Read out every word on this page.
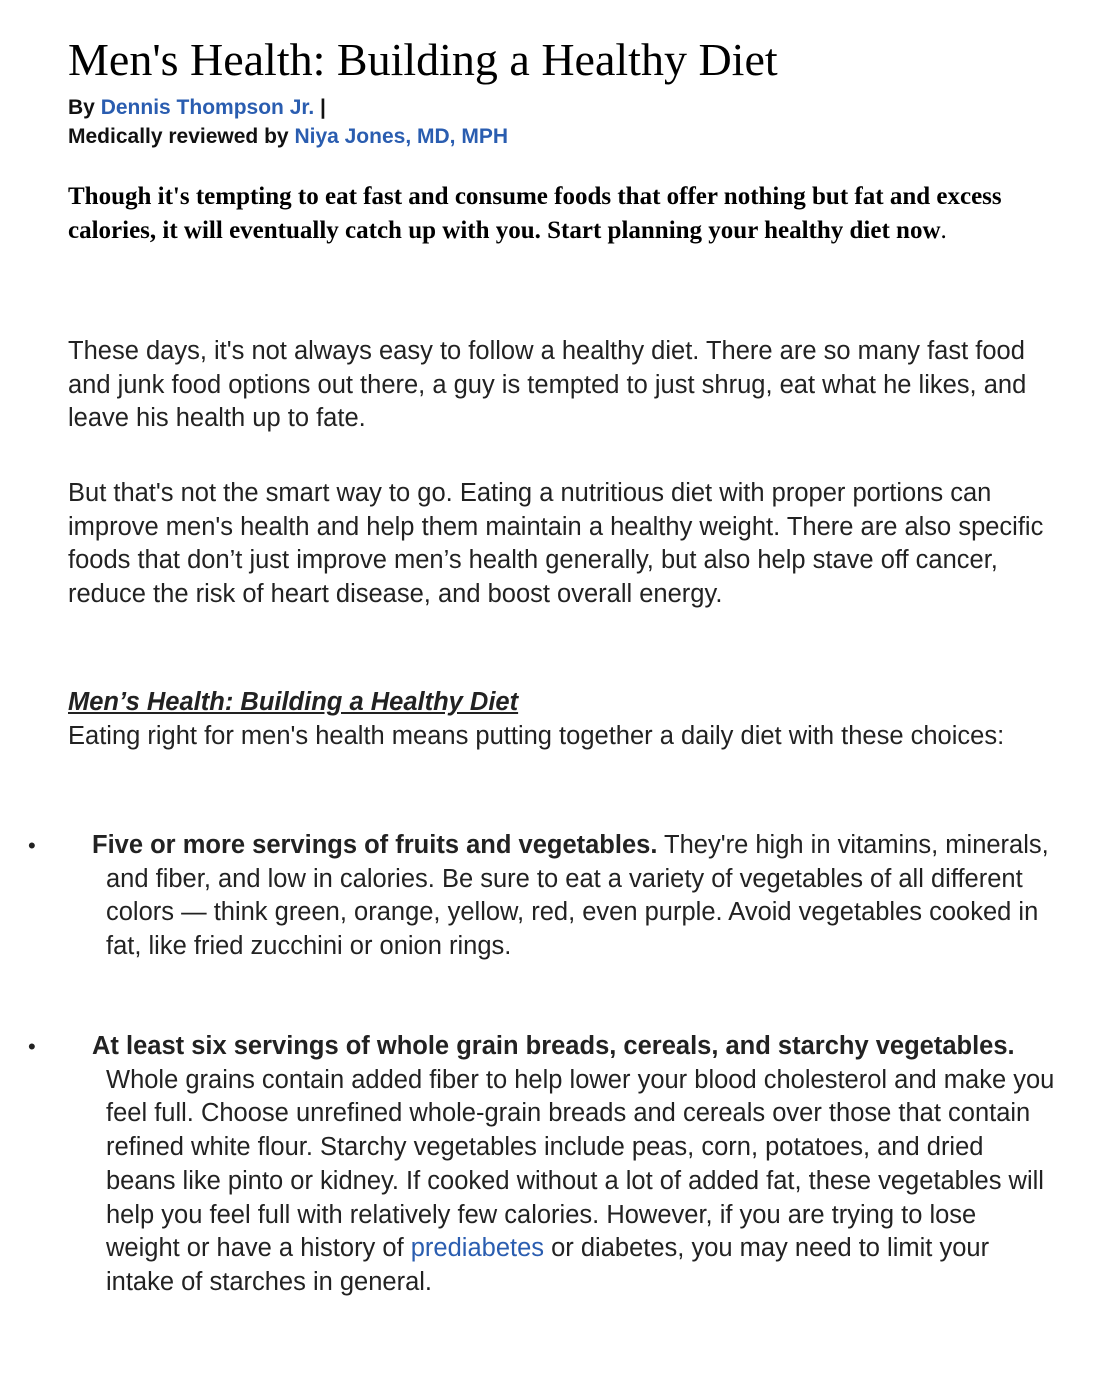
Men's Health: Building a Healthy Diet
By Dennis Thompson Jr. |
Medically reviewed by Niya Jones, MD, MPH

Though it's tempting to eat fast and consume foods that offer nothing but fat and excess calories, it will eventually catch up with you. Start planning your healthy diet now.

These days, it's not always easy to follow a healthy diet. There are so many fast food and junk food options out there, a guy is tempted to just shrug, eat what he likes, and leave his health up to fate.

But that's not the smart way to go. Eating a nutritious diet with proper portions can improve men's health and help them maintain a healthy weight. There are also specific foods that don’t just improve men’s health generally, but also help stave off cancer, reduce the risk of heart disease, and boost overall energy.

Men’s Health: Building a Healthy Diet

Eating right for men's health means putting together a daily diet with these choices:

• Five or more servings of fruits and vegetables. They're high in vitamins, minerals, and fiber, and low in calories. Be sure to eat a variety of vegetables of all different colors — think green, orange, yellow, red, even purple. Avoid vegetables cooked in fat, like fried zucchini or onion rings.

• At least six servings of whole grain breads, cereals, and starchy vegetables. Whole grains contain added fiber to help lower your blood cholesterol and make you feel full. Choose unrefined whole-grain breads and cereals over those that contain refined white flour. Starchy vegetables include peas, corn, potatoes, and dried beans like pinto or kidney. If cooked without a lot of added fat, these vegetables will help you feel full with relatively few calories. However, if you are trying to lose weight or have a history of prediabetes or diabetes, you may need to limit your intake of starches in general.
